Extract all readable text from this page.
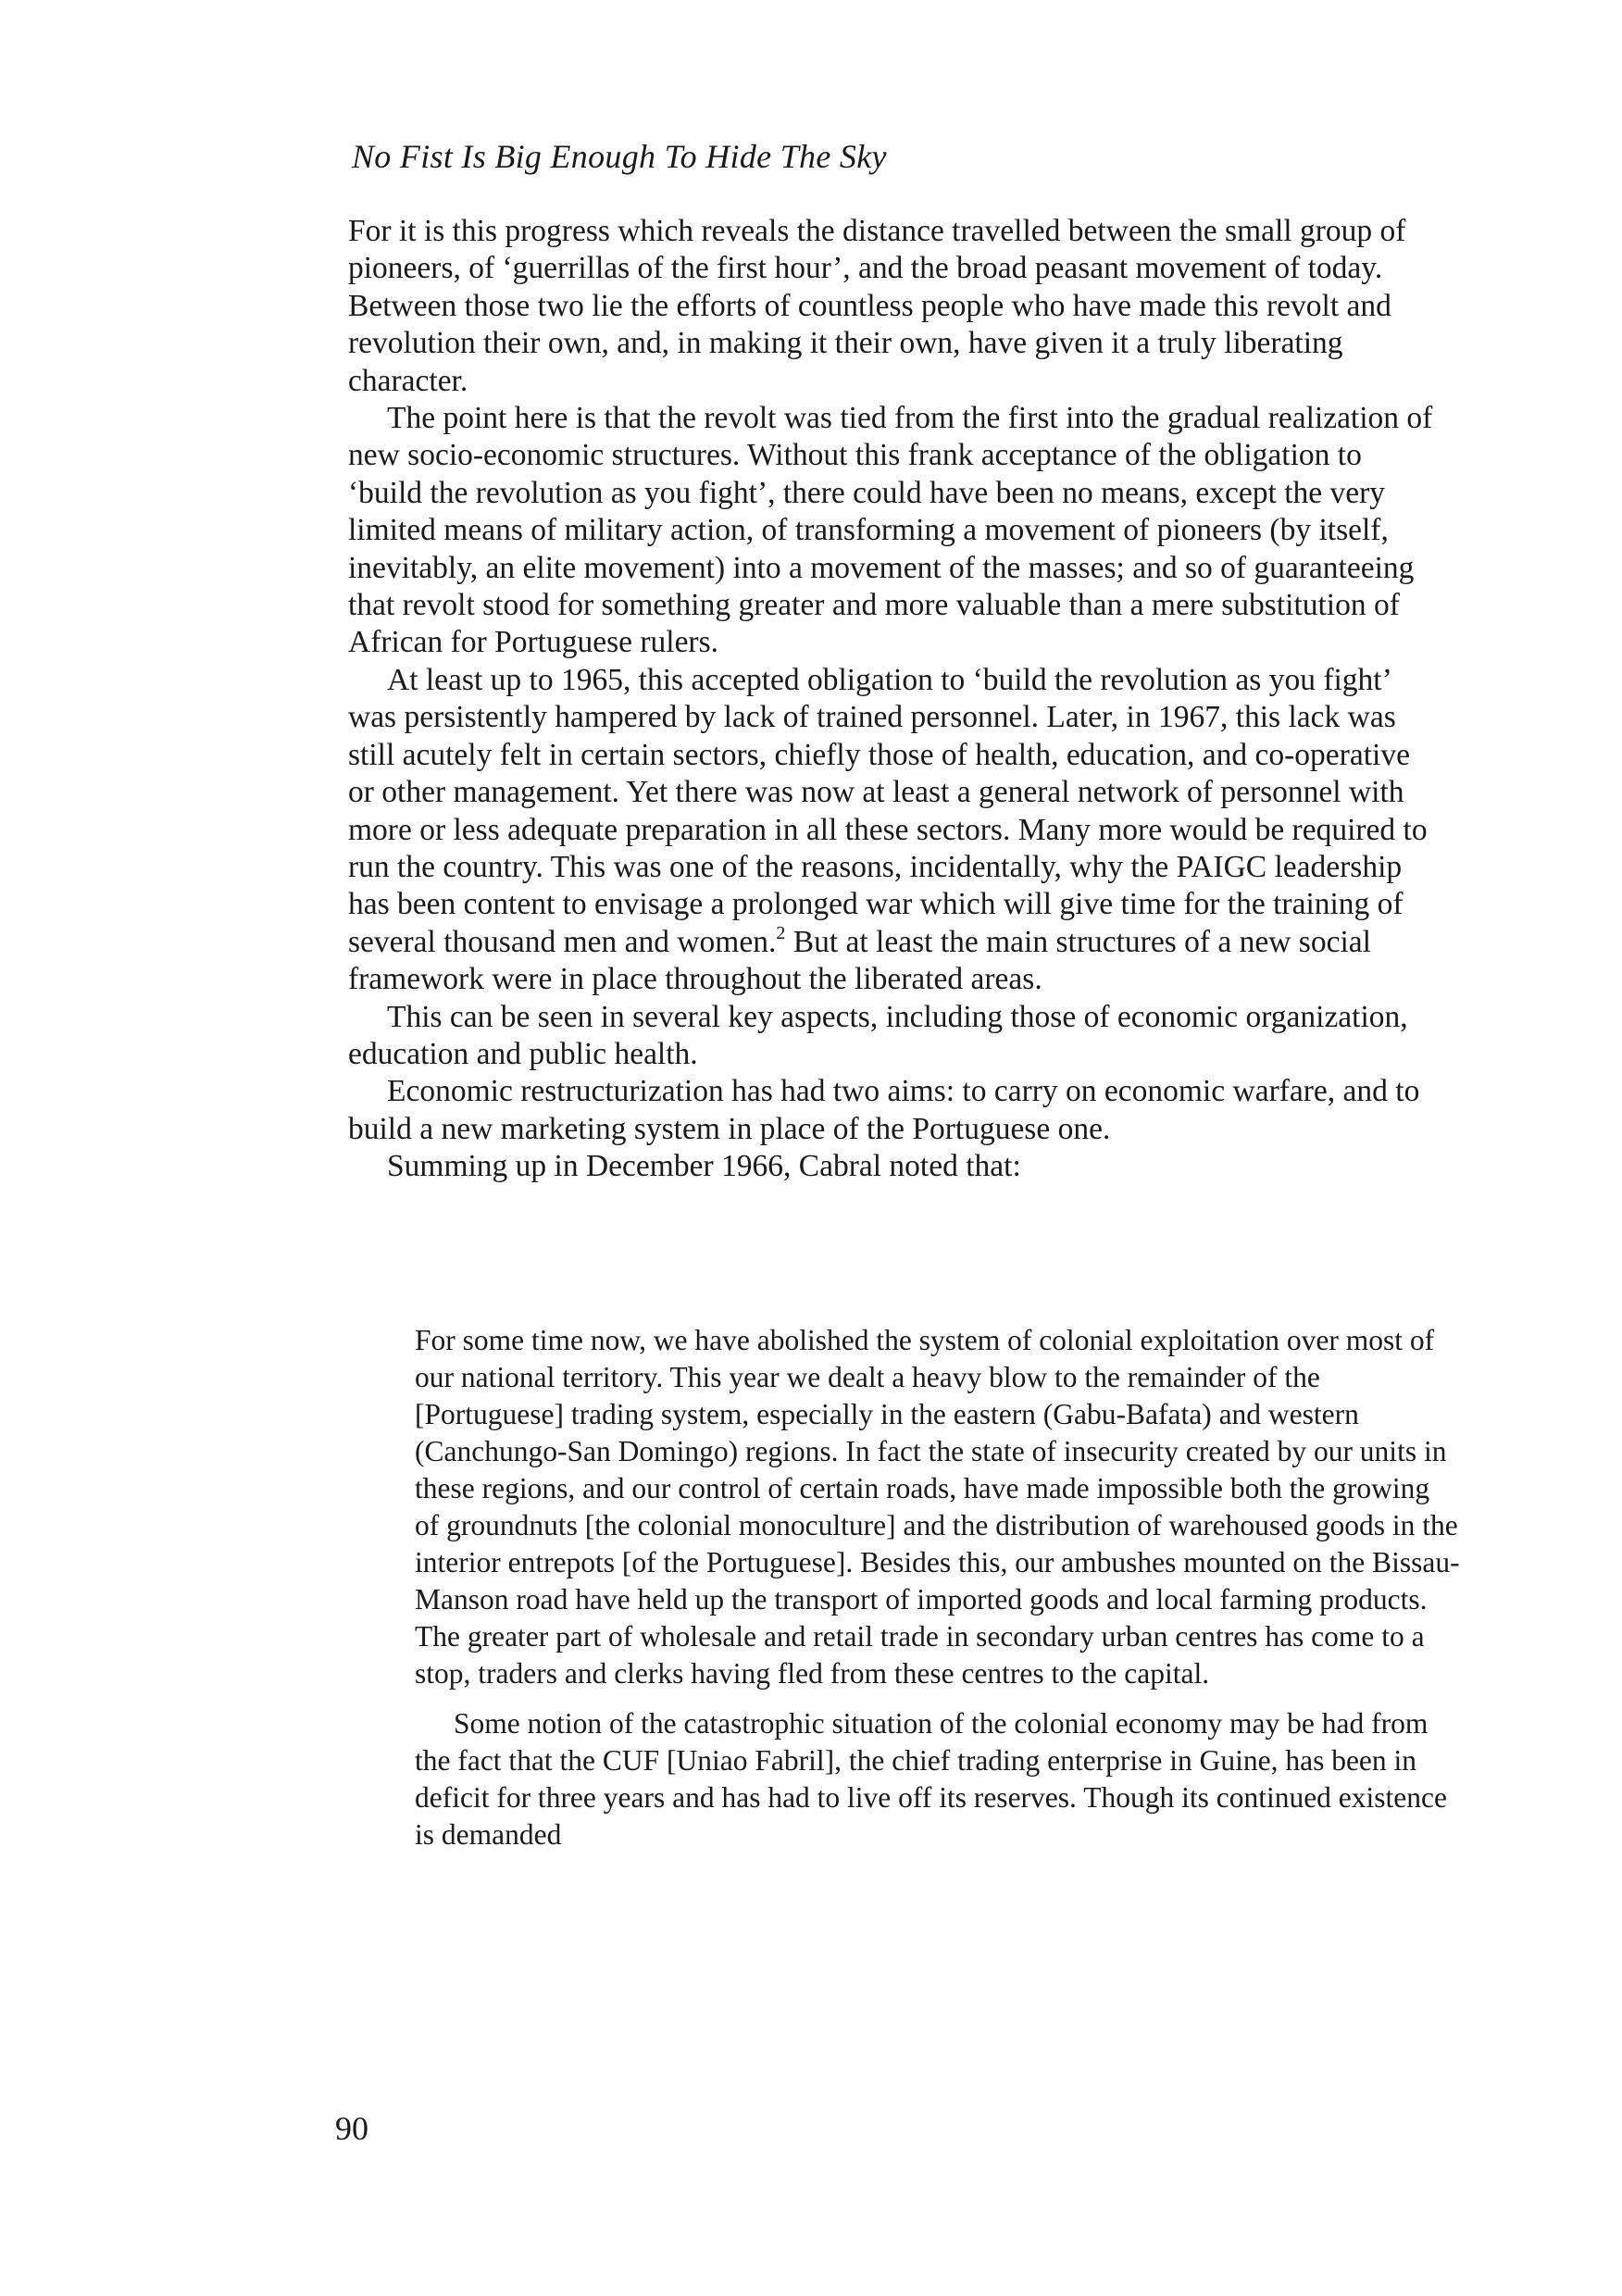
No Fist Is Big Enough To Hide The Sky

For it is this progress which reveals the distance travelled between the small group of pioneers, of ‘guerrillas of the first hour’, and the broad peasant movement of today. Between those two lie the efforts of countless people who have made this revolt and revolution their own, and, in making it their own, have given it a truly liberating character.

The point here is that the revolt was tied from the first into the gradual realization of new socio-economic structures. Without this frank acceptance of the obligation to ‘build the revolution as you fight’, there could have been no means, except the very limited means of military action, of transforming a movement of pioneers (by itself, inevitably, an elite movement) into a movement of the masses; and so of guaranteeing that revolt stood for something greater and more valuable than a mere substitution of African for Portuguese rulers.

At least up to 1965, this accepted obligation to ‘build the revolution as you fight’ was persistently hampered by lack of trained personnel. Later, in 1967, this lack was still acutely felt in certain sectors, chiefly those of health, education, and co-operative or other management. Yet there was now at least a general network of personnel with more or less adequate preparation in all these sectors. Many more would be required to run the country. This was one of the reasons, incidentally, why the PAIGC leadership has been content to envisage a prolonged war which will give time for the training of several thousand men and women.$^2$ But at least the main structures of a new social framework were in place throughout the liberated areas.

This can be seen in several key aspects, including those of economic organization, education and public health.

Economic restructurization has had two aims: to carry on economic warfare, and to build a new marketing system in place of the Portuguese one.

Summing up in December 1966, Cabral noted that:

For some time now, we have abolished the system of colonial exploitation over most of our national territory. This year we dealt a heavy blow to the remainder of the [Portuguese] trading system, especially in the eastern (Gabu-Bafata) and western (Canchungo-San Domingo) regions. In fact the state of insecurity created by our units in these regions, and our control of certain roads, have made impossible both the growing of groundnuts [the colonial monoculture] and the distribution of warehoused goods in the interior entrepots [of the Portuguese]. Besides this, our ambushes mounted on the Bissau-Manson road have held up the transport of imported goods and local farming products. The greater part of wholesale and retail trade in secondary urban centres has come to a stop, traders and clerks having fled from these centres to the capital.

Some notion of the catastrophic situation of the colonial economy may be had from the fact that the CUF [Uniao Fabril], the chief trading enterprise in Guine, has been in deficit for three years and has had to live off its reserves. Though its continued existence is demanded

90
